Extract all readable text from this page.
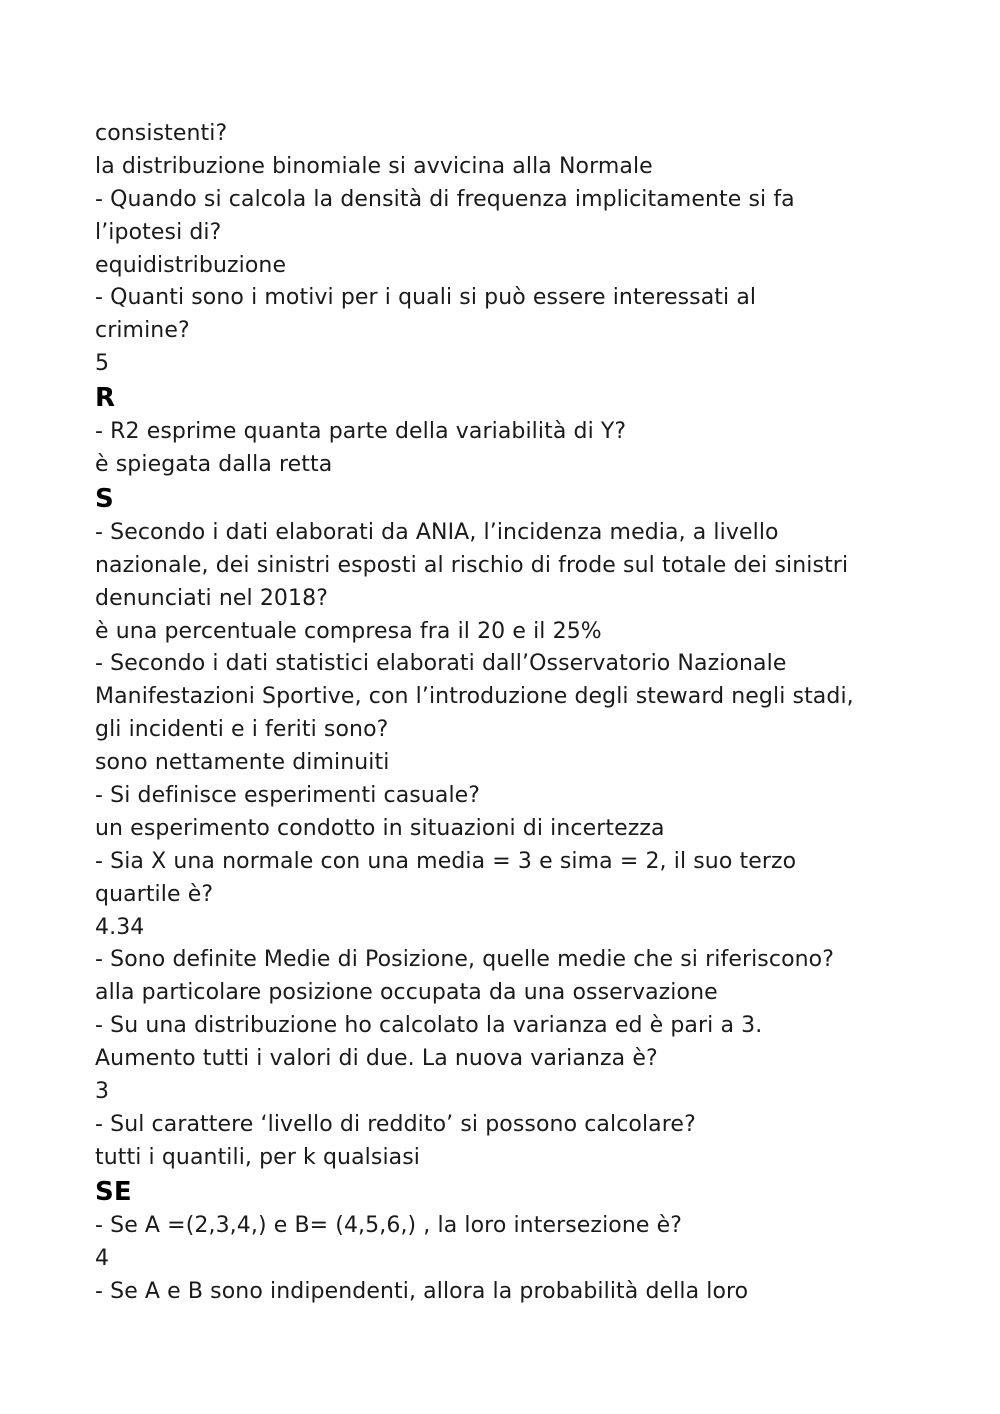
consistenti?
la distribuzione binomiale si avvicina alla Normale
- Quando si calcola la densità di frequenza implicitamente si fa
l’ipotesi di?
equidistribuzione
- Quanti sono i motivi per i quali si può essere interessati al
crimine?
5
R
- R2 esprime quanta parte della variabilità di Y?
è spiegata dalla retta
S
- Secondo i dati elaborati da ANIA, l’incidenza media, a livello
nazionale, dei sinistri esposti al rischio di frode sul totale dei sinistri
denunciati nel 2018?
è una percentuale compresa fra il 20 e il 25%
- Secondo i dati statistici elaborati dall’Osservatorio Nazionale
Manifestazioni Sportive, con l’introduzione degli steward negli stadi,
gli incidenti e i feriti sono?
sono nettamente diminuiti
- Si definisce esperimenti casuale?
un esperimento condotto in situazioni di incertezza
- Sia X una normale con una media = 3 e sima = 2, il suo terzo
quartile è?
4.34
- Sono definite Medie di Posizione, quelle medie che si riferiscono?
alla particolare posizione occupata da una osservazione
- Su una distribuzione ho calcolato la varianza ed è pari a 3.
Aumento tutti i valori di due. La nuova varianza è?
3
- Sul carattere ‘livello di reddito’ si possono calcolare?
tutti i quantili, per k qualsiasi
SE
- Se A =(2,3,4,) e B= (4,5,6,) , la loro intersezione è?
4
- Se A e B sono indipendenti, allora la probabilità della loro
